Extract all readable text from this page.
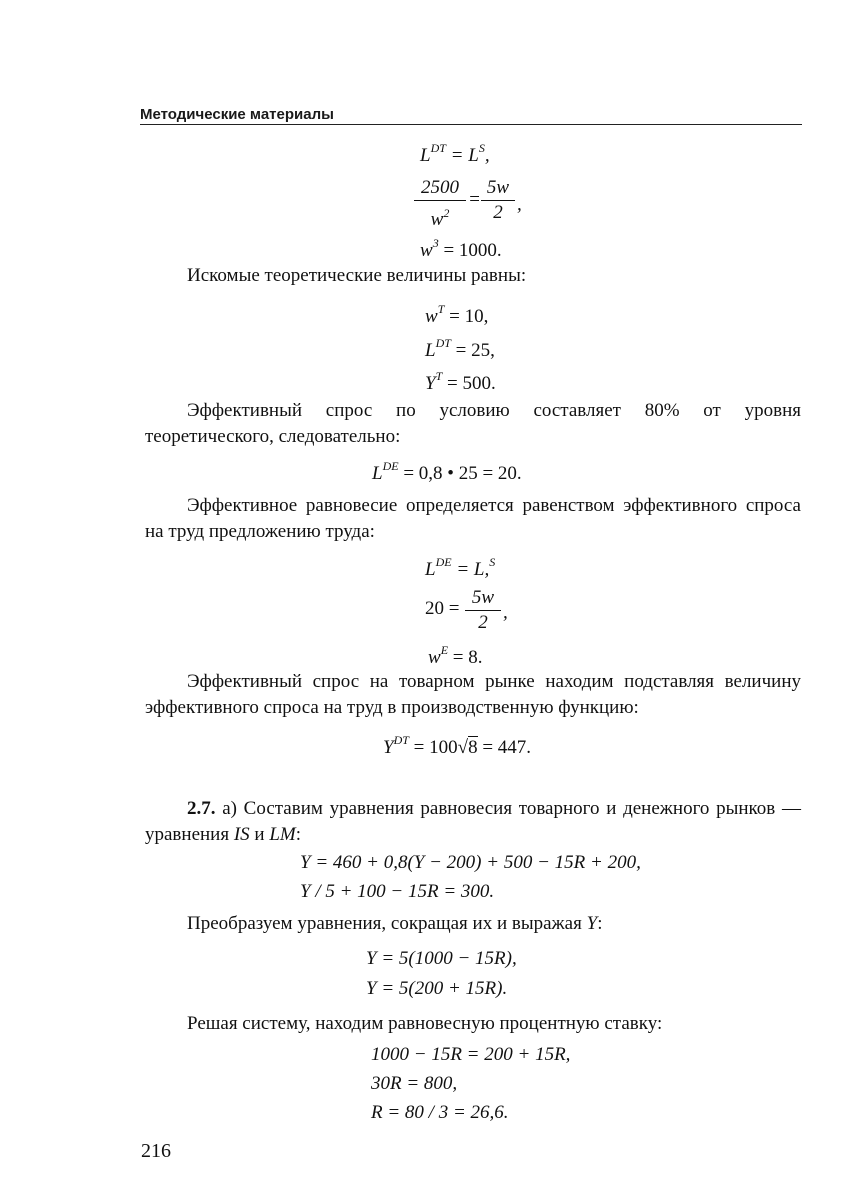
Методические материалы
$L^{DT} = L^S$,
$\frac{2500}{w^2} = \frac{5w}{2}$ ,
$w^3 = 1000$.
Искомые теоретические величины равны:
$w^T = 10$,
$L^{DT} = 25$,
$Y^T = 500$.
Эффективный спрос по условию составляет 80% от уровня теоретического, следовательно:
LDE = 0,8 • 25 = 20.
Эффективное равновесие определяется равенством эффективного спроса на труд предложению труда:
LDE = L,$^S$
$20 = \frac{5w}{2}$ ,
$w^E = 8$.
Эффективный спрос на товарном рынке находим подставляя величину эффективного спроса на труд в производственную функцию:
$Y^{DT} = 100√8 = 447$.
2.7. а) Составим уравнения равновесия товарного и денежного рынков — уравнения IS и LM:
Y = 460 + 0,8(Y − 200) + 500 − 15R + 200,
Y / 5 + 100 − 15R = 300.
Преобразуем уравнения, сокращая их и выражая Y:
Y = 5(1000 − 15R),
Y = 5(200 + 15R).
Решая систему, находим равновесную процентную ставку:
1000 − 15R = 200 + 15R,
30R = 800,
R = 80 / 3 = 26,6.
216
